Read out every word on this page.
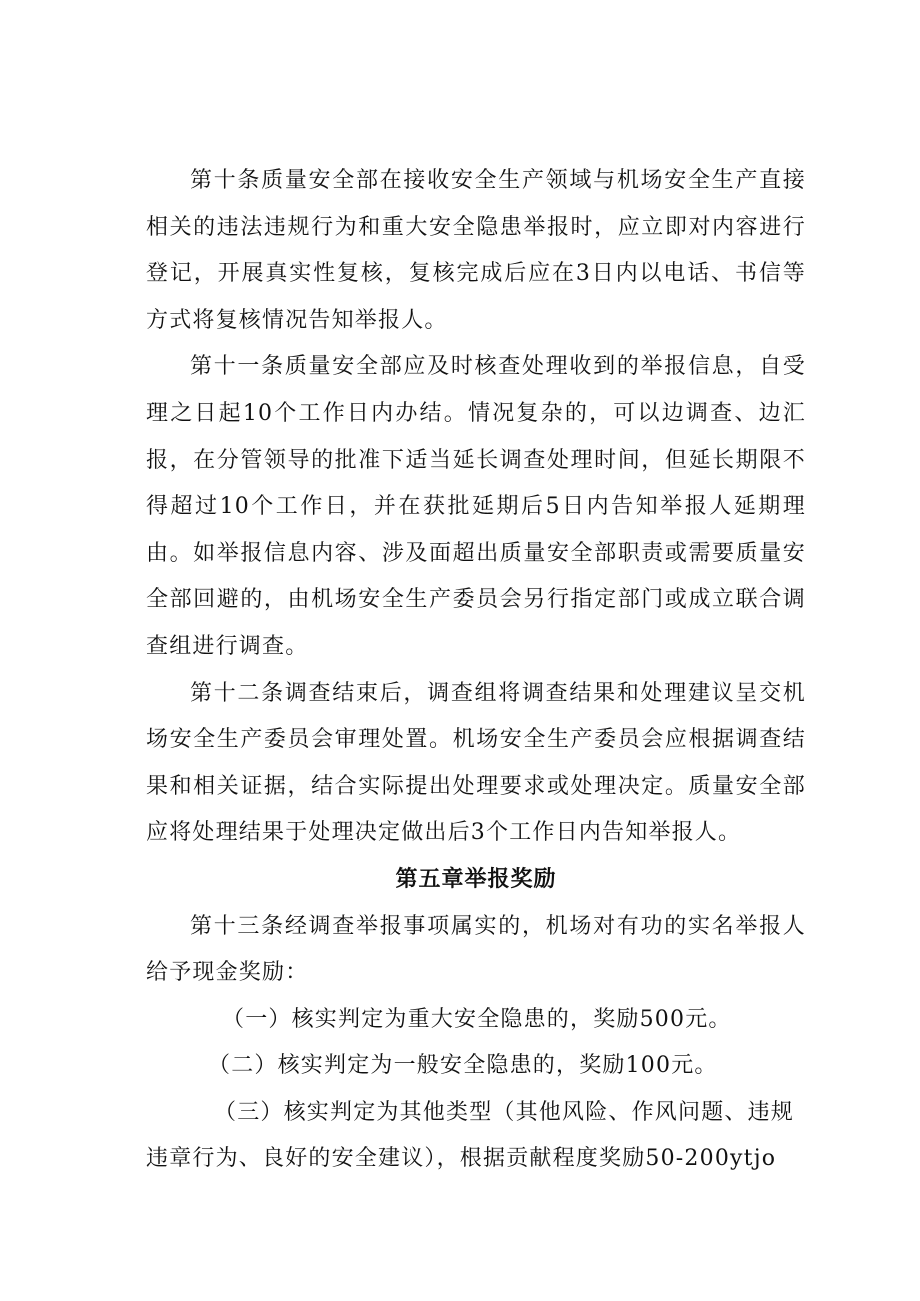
第十条质量安全部在接收安全生产领域与机场安全生产直接相关的违法违规行为和重大安全隐患举报时，应立即对内容进行登记，开展真实性复核，复核完成后应在3日内以电话、书信等方式将复核情况告知举报人。

第十一条质量安全部应及时核查处理收到的举报信息，自受理之日起10个工作日内办结。情况复杂的，可以边调查、边汇报，在分管领导的批准下适当延长调查处理时间，但延长期限不得超过10个工作日，并在获批延期后5日内告知举报人延期理由。如举报信息内容、涉及面超出质量安全部职责或需要质量安全部回避的，由机场安全生产委员会另行指定部门或成立联合调查组进行调查。

第十二条调查结束后，调查组将调查结果和处理建议呈交机场安全生产委员会审理处置。机场安全生产委员会应根据调查结果和相关证据，结合实际提出处理要求或处理决定。质量安全部应将处理结果于处理决定做出后3个工作日内告知举报人。

第五章举报奖励

第十三条经调查举报事项属实的，机场对有功的实名举报人给予现金奖励：

（一）核实判定为重大安全隐患的，奖励500元。

（二）核实判定为一般安全隐患的，奖励100元。

（三）核实判定为其他类型（其他风险、作风问题、违规违章行为、良好的安全建议），根据贡献程度奖励50-200ytjo
